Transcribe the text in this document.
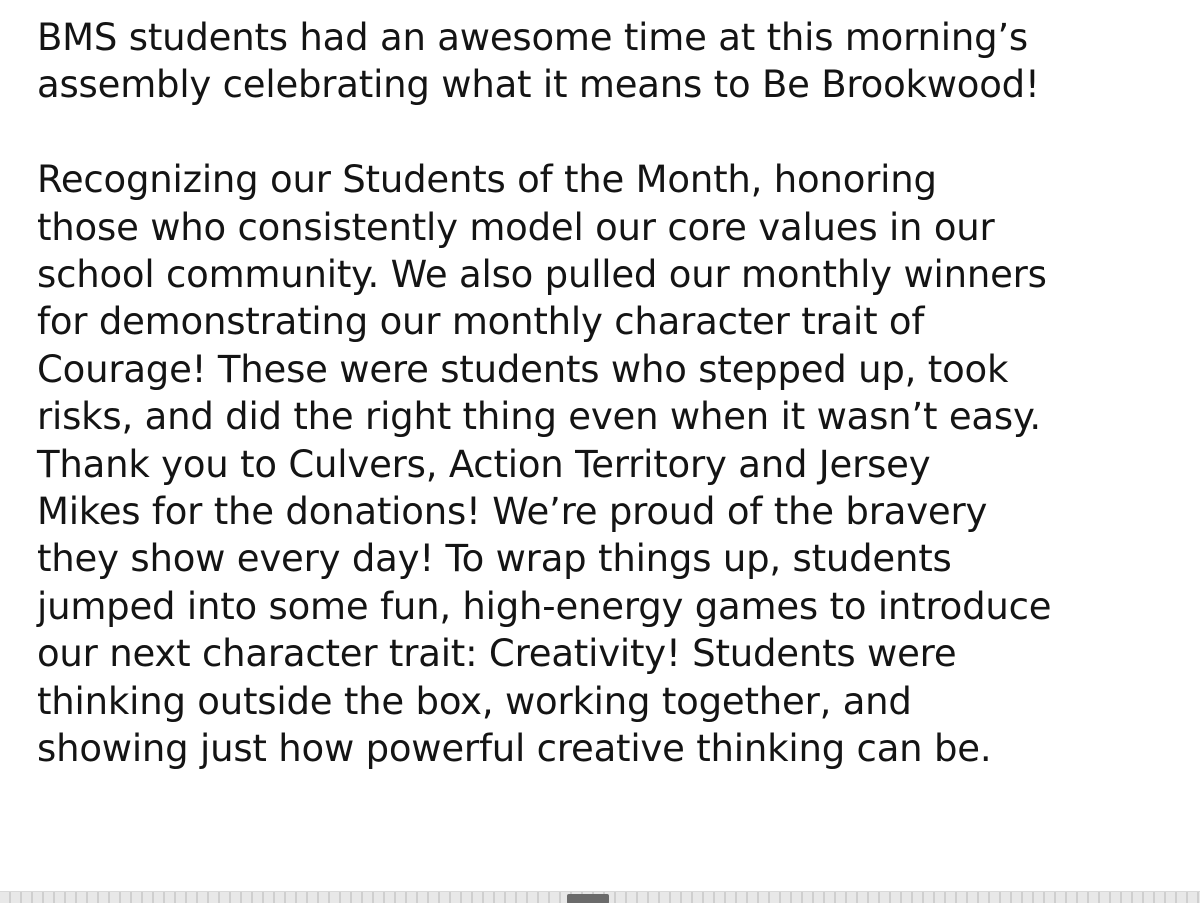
BMS students had an awesome time at this morning’s
assembly celebrating what it means to Be Brookwood!
Recognizing our Students of the Month, honoring
those who consistently model our core values in our
school community. We also pulled our monthly winners
for demonstrating our monthly character trait of
Courage! These were students who stepped up, took
risks, and did the right thing even when it wasn’t easy.
Thank you to Culvers, Action Territory and Jersey
Mikes for the donations! We’re proud of the bravery
they show every day! To wrap things up, students
jumped into some fun, high-energy games to introduce
our next character trait: Creativity! Students were
thinking outside the box, working together, and
showing just how powerful creative thinking can be.
